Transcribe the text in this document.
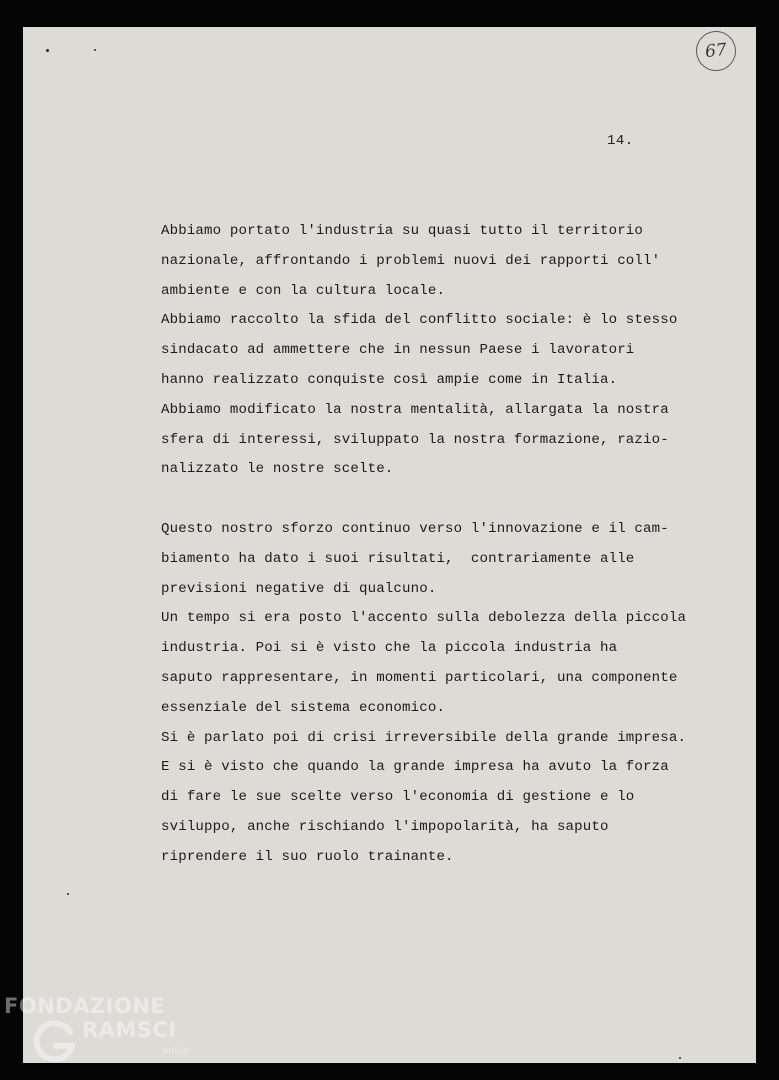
67
14.
Abbiamo portato l'industria su quasi tutto il territorio
nazionale, affrontando i problemi nuovi dei rapporti coll'
ambiente e con la cultura locale.
Abbiamo raccolto la sfida del conflitto sociale: è lo stesso
sindacato ad ammettere che in nessun Paese i lavoratori
hanno realizzato conquiste così ampie come in Italia.
Abbiamo modificato la nostra mentalità, allargata la nostra
sfera di interessi, sviluppato la nostra formazione, razio-
nalizzato le nostre scelte.
Questo nostro sforzo continuo verso l'innovazione e il cam-
biamento ha dato i suoi risultati,  contrariamente alle
previsioni negative di qualcuno.
Un tempo si era posto l'accento sulla debolezza della piccola
industria. Poi si è visto che la piccola industria ha
saputo rappresentare, in momenti particolari, una componente
essenziale del sistema economico.
Si è parlato poi di crisi irreversibile della grande impresa.
E si è visto che quando la grande impresa ha avuto la forza
di fare le sue scelte verso l'economia di gestione e lo
sviluppo, anche rischiando l'impopolarità, ha saputo
riprendere il suo ruolo trainante.
FONDAZIONE
RAMSCI
onlus
